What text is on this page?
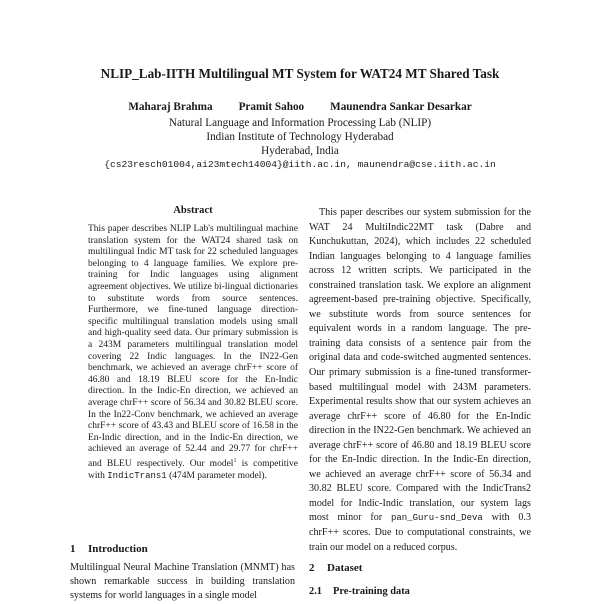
NLIP_Lab-IITH Multilingual MT System for WAT24 MT Shared Task
Maharaj Brahma Pramit Sahoo Maunendra Sankar Desarkar
Natural Language and Information Processing Lab (NLIP)
Indian Institute of Technology Hyderabad
Hyderabad, India
{cs23resch01004,ai23mtech14004}@iith.ac.in, maunendra@cse.iith.ac.in
Abstract
This paper describes NLIP Lab's multilingual machine translation system for the WAT24 shared task on multilingual Indic MT task for 22 scheduled languages belonging to 4 language families. We explore pre-training for Indic languages using alignment agreement objectives. We utilize bi-lingual dictionaries to substitute words from source sentences. Furthermore, we fine-tuned language direction-specific multilingual translation models using small and high-quality seed data. Our primary submission is a 243M parameters multilingual translation model covering 22 Indic languages. In the IN22-Gen benchmark, we achieved an average chrF++ score of 46.80 and 18.19 BLEU score for the En-Indic direction. In the Indic-En direction, we achieved an average chrF++ score of 56.34 and 30.82 BLEU score. In the In22-Conv benchmark, we achieved an average chrF++ score of 43.43 and BLEU score of 16.58 in the En-Indic direction, and in the Indic-En direction, we achieved an average of 52.44 and 29.77 for chrF++ and BLEU respectively. Our model$^1$ is competitive with IndicTrans1 (474M parameter model).
1 Introduction
Multilingual Neural Machine Translation (MNMT) has shown remarkable success in building translation systems for world languages in a single model
This paper describes our system submission for the WAT 24 MultiIndic22MT task (Dabre and Kunchukuttan, 2024), which includes 22 scheduled Indian languages belonging to 4 language families across 12 written scripts. We participated in the constrained translation task. We explore an alignment agreement-based pre-training objective. Specifically, we substitute words from source sentences for equivalent words in a random language. The pre-training data consists of a sentence pair from the original data and code-switched augmented sentences. Our primary submission is a fine-tuned transformer-based multilingual model with 243M parameters. Experimental results show that our system achieves an average chrF++ score of 46.80 for the En-Indic direction in the IN22-Gen benchmark. We achieved an average chrF++ score of 46.80 and 18.19 BLEU score for the En-Indic direction. In the Indic-En direction, we achieved an average chrF++ score of 56.34 and 30.82 BLEU score. Compared with the IndicTrans2 model for Indic-Indic translation, our system lags most minor for pan_Guru-snd_Deva with 0.3 chrF++ scores. Due to computational constraints, we train our model on a reduced corpus.
2 Dataset
2.1 Pre-training data
